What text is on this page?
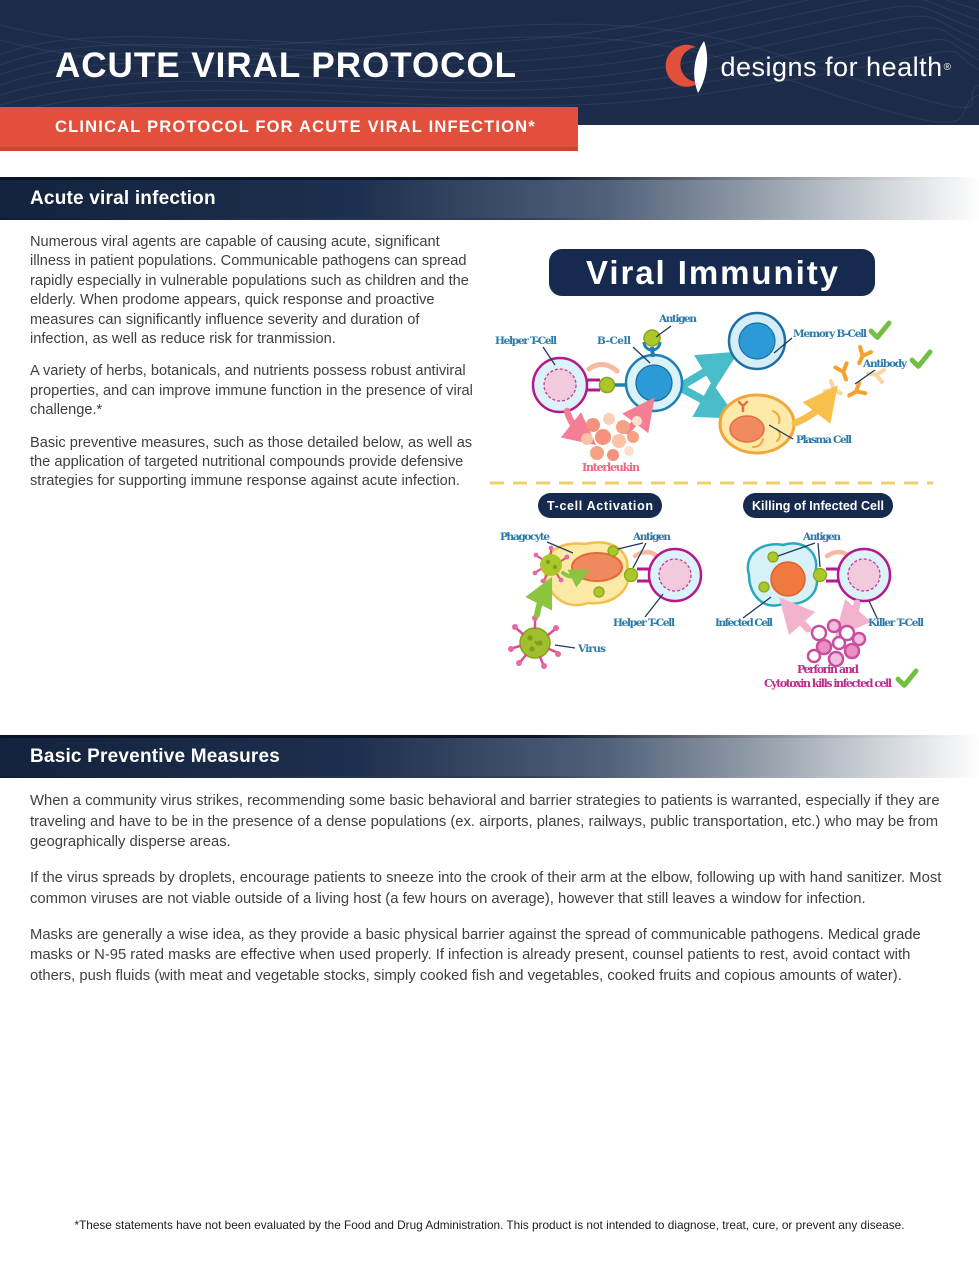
ACUTE VIRAL PROTOCOL	designs for health ®
CLINICAL PROTOCOL FOR ACUTE VIRAL INFECTION*
Acute viral infection

Numerous viral agents are capable of causing acute, significant illness in patient populations. Communicable pathogens can spread rapidly especially in vulnerable populations such as children and the elderly. When prodome appears, quick response and proactive measures can significantly influence severity and duration of infection, as well as reduce risk for tranmission.

A variety of herbs, botanicals, and nutrients possess robust antiviral properties, and can improve immune function in the presence of viral challenge.*

Basic preventive measures, such as those detailed below, as well as the application of targeted nutritional compounds provide defensive strategies for supporting immune response against acute infection.

Viral Immunity
Helper T-Cell	B-Cell
Antigen
Memory B-Cell
Antibody
Plasma Cell
Interleukin
T-cell Activation
Phagocyte	Antigen
Helper T-Cell
Virus
Killing of Infected Cell
Antigen
Infected Cell	Killer T-Cell
Perforin and
Cytotoxin kills infected cell
Basic Preventive Measures

When a community virus strikes, recommending some basic behavioral and barrier strategies to patients is warranted, especially if they are traveling and have to be in the presence of a dense populations (ex. airports, planes, railways, public transportation, etc.) who may be from geographically disperse areas.

If the virus spreads by droplets, encourage patients to sneeze into the crook of their arm at the elbow, following up with hand sanitizer. Most common viruses are not viable outside of a living host (a few hours on average), however that still leaves a window for infection.

Masks are generally a wise idea, as they provide a basic physical barrier against the spread of communicable pathogens. Medical grade masks or N-95 rated masks are effective when used properly. If infection is already present, counsel patients to rest, avoid contact with others, push fluids (with meat and vegetable stocks, simply cooked fish and vegetables, cooked fruits and copious amounts of water).

*These statements have not been evaluated by the Food and Drug Administration. This product is not intended to diagnose, treat, cure, or prevent any disease.
